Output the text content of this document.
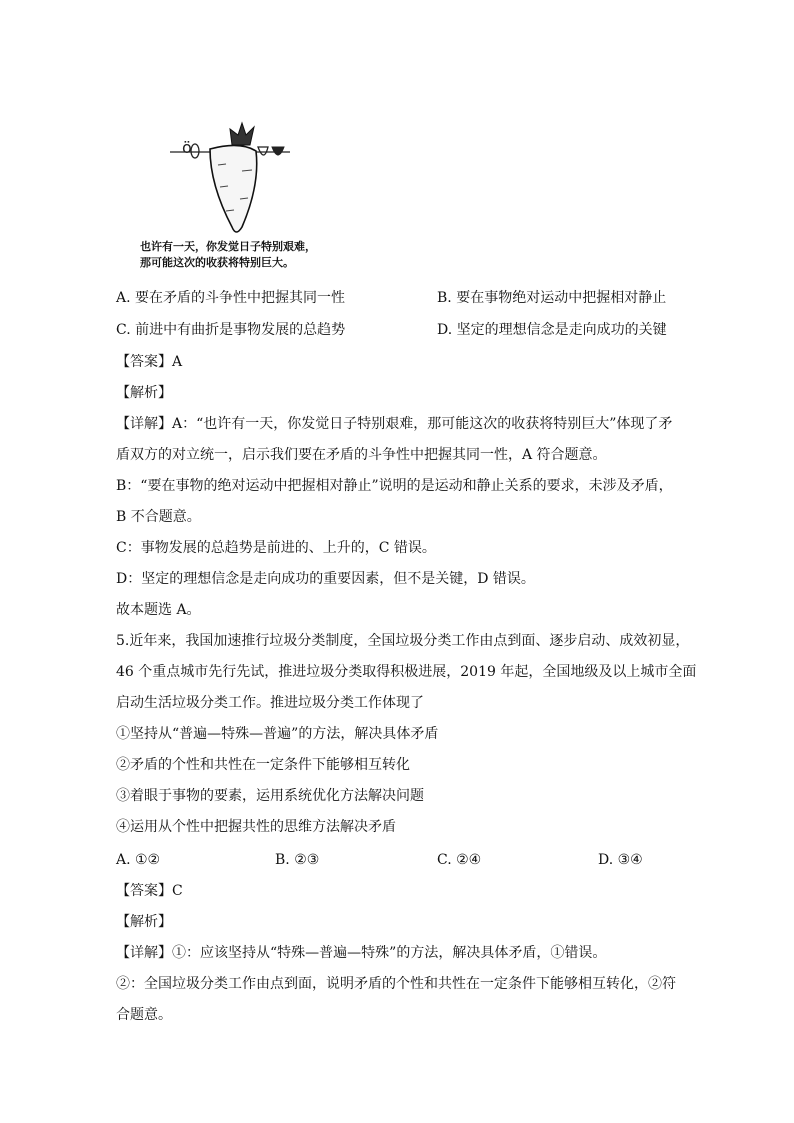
ö
也许有一天，你发觉日子特别艰难，
那可能这次的收获将特别巨大。
A. 要在矛盾的斗争性中把握其同一性	B. 要在事物绝对运动中把握相对静止
C. 前进中有曲折是事物发展的总趋势	D. 坚定的理想信念是走向成功的关键
【答案】A
【解析】
【详解】A：“也许有一天，你发觉日子特别艰难，那可能这次的收获将特别巨大”体现了矛
盾双方的对立统一，启示我们要在矛盾的斗争性中把握其同一性，A 符合题意。
B：“要在事物的绝对运动中把握相对静止”说明的是运动和静止关系的要求，未涉及矛盾，
B 不合题意。
C：事物发展的总趋势是前进的、上升的，C 错误。
D：坚定的理想信念是走向成功的重要因素，但不是关键，D 错误。
故本题选 A。
5.近年来，我国加速推行垃圾分类制度，全国垃圾分类工作由点到面、逐步启动、成效初显，
46 个重点城市先行先试，推进垃圾分类取得积极进展，2019 年起，全国地级及以上城市全面
启动生活垃圾分类工作。推进垃圾分类工作体现了
①坚持从“普遍—特殊—普遍”的方法，解决具体矛盾
②矛盾的个性和共性在一定条件下能够相互转化
③着眼于事物的要素，运用系统优化方法解决问题
④运用从个性中把握共性的思维方法解决矛盾
A. ①②	B. ②③	C. ②④	D. ③④
【答案】C
【解析】
【详解】①：应该坚持从“特殊—普遍—特殊”的方法，解决具体矛盾，①错误。
②：全国垃圾分类工作由点到面，说明矛盾的个性和共性在一定条件下能够相互转化，②符
合题意。
